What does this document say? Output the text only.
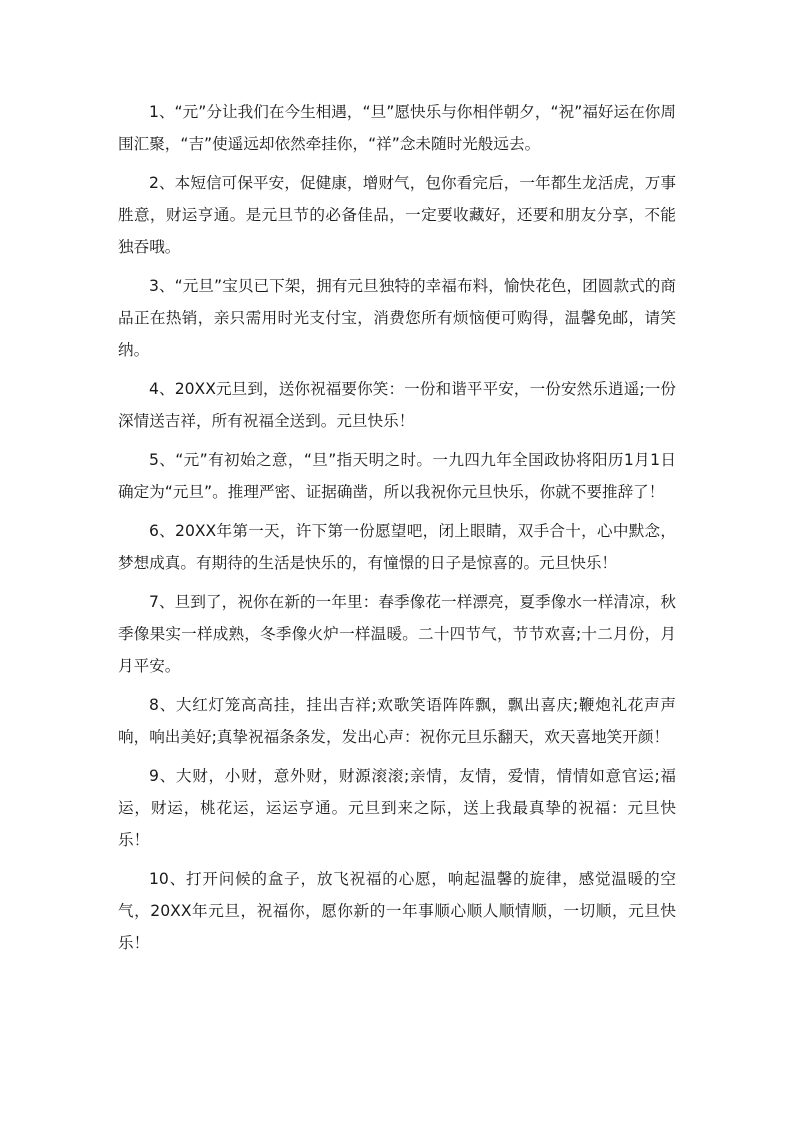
1、“元”分让我们在今生相遇，“旦”愿快乐与你相伴朝夕，“祝”福好运在你周围汇聚，“吉”使遥远却依然牵挂你，“祥”念未随时光般远去。

2、本短信可保平安，促健康，增财气，包你看完后，一年都生龙活虎，万事胜意，财运亨通。是元旦节的必备佳品，一定要收藏好，还要和朋友分享，不能独吞哦。

3、“元旦”宝贝已下架，拥有元旦独特的幸福布料，愉快花色，团圆款式的商品正在热销，亲只需用时光支付宝，消费您所有烦恼便可购得，温馨免邮，请笑纳。

4、20XX元旦到，送你祝福要你笑：一份和谐平平安，一份安然乐逍遥;一份深情送吉祥，所有祝福全送到。元旦快乐！

5、“元”有初始之意，“旦”指天明之时。一九四九年全国政协将阳历1月1日确定为“元旦”。推理严密、证据确凿，所以我祝你元旦快乐，你就不要推辞了！

6、20XX年第一天，许下第一份愿望吧，闭上眼睛，双手合十，心中默念，梦想成真。有期待的生活是快乐的，有憧憬的日子是惊喜的。元旦快乐！

7、旦到了，祝你在新的一年里：春季像花一样漂亮，夏季像水一样清凉，秋季像果实一样成熟，冬季像火炉一样温暖。二十四节气，节节欢喜;十二月份，月月平安。

8、大红灯笼高高挂，挂出吉祥;欢歌笑语阵阵飘，飘出喜庆;鞭炮礼花声声响，响出美好;真挚祝福条条发，发出心声：祝你元旦乐翻天，欢天喜地笑开颜！

9、大财，小财，意外财，财源滚滚;亲情，友情，爱情，情情如意官运;福运，财运，桃花运，运运亨通。元旦到来之际，送上我最真挚的祝福：元旦快乐！

10、打开问候的盒子，放飞祝福的心愿，响起温馨的旋律，感觉温暖的空气，20XX年元旦，祝福你，愿你新的一年事顺心顺人顺情顺，一切顺，元旦快乐！
